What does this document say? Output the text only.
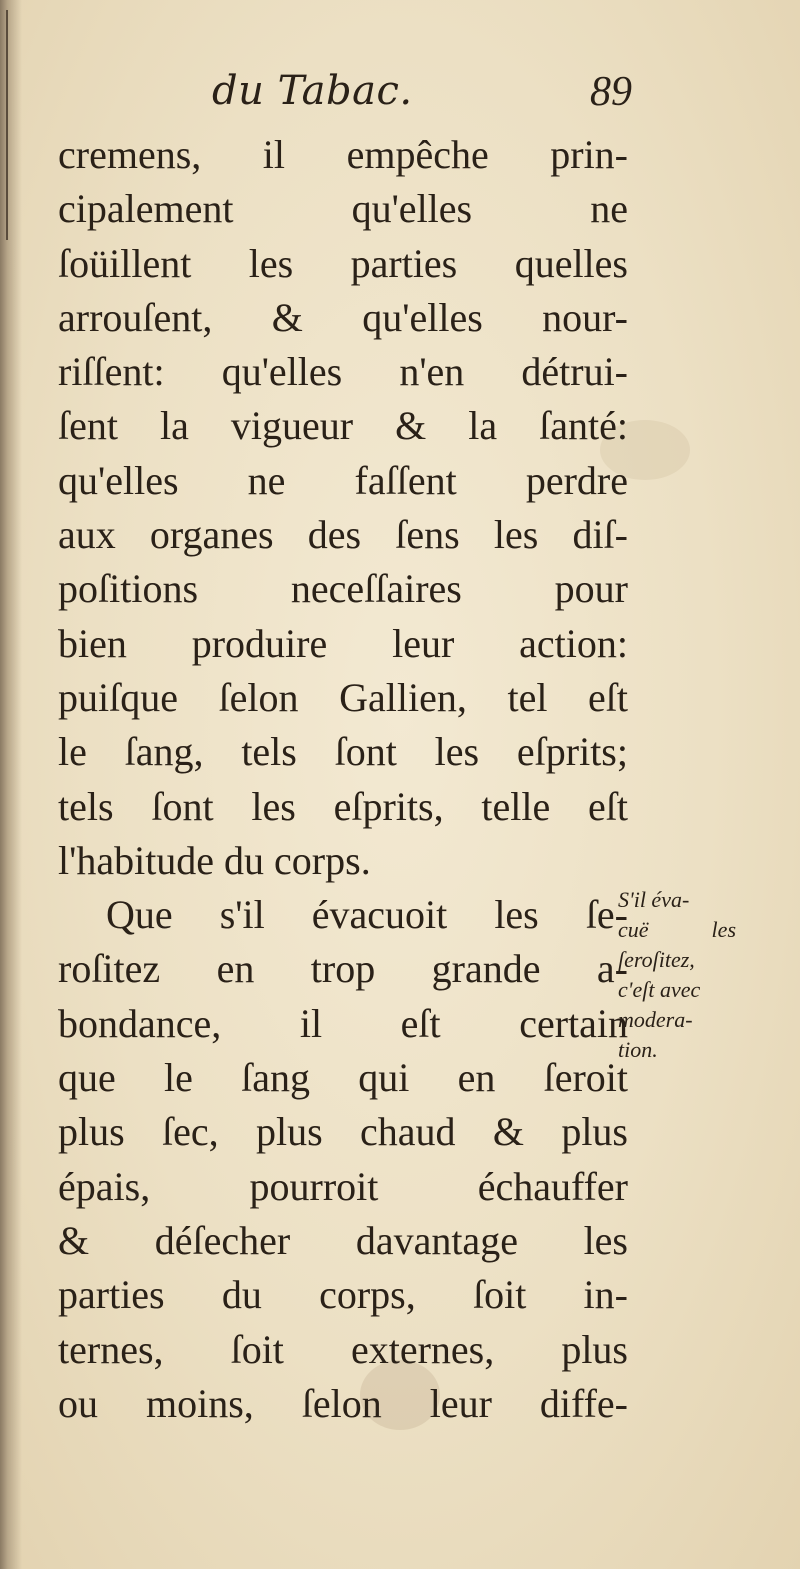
du Tabac.	89
cremens, il empêche prin-
cipalement qu'elles ne
ſoüillent les parties quelles
arrouſent, & qu'elles nour-
riſſent: qu'elles n'en détrui-
ſent la vigueur & la ſanté:
qu'elles ne faſſent perdre
aux organes des ſens les diſ-
poſitions neceſſaires pour
bien produire leur action:
puiſque ſelon Gallien, tel eſt
le ſang, tels ſont les eſprits;
tels ſont les eſprits, telle eſt
l'habitude du corps.
Que s'il évacuoit les ſe-
roſitez en trop grande a-
bondance, il eſt certain
que le ſang qui en ſeroit
plus ſec, plus chaud & plus
épais, pourroit échauffer
& déſecher davantage les
parties du corps, ſoit in-
ternes, ſoit externes, plus
ou moins, ſelon leur diffe-
S'il éva-
cuë les
ſeroſitez,
c'eſt avec
modera-
tion.
